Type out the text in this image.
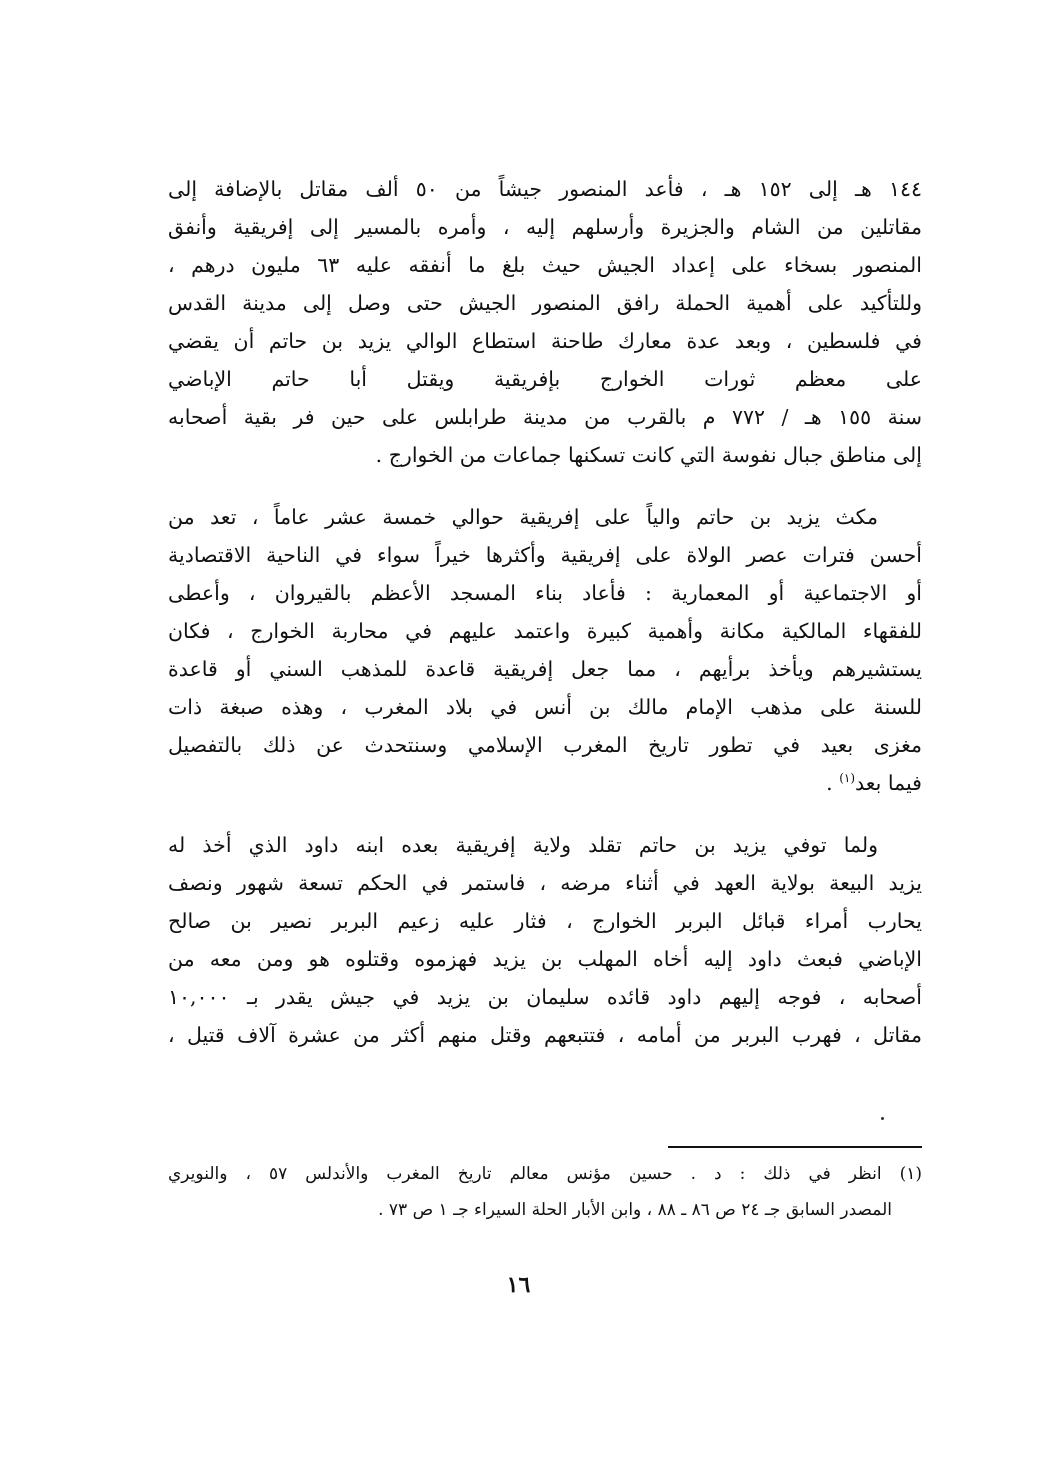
١٤٤ هـ إلى ١٥٢ هـ ، فأعد المنصور جيشاً من ٥٠ ألف مقاتل بالإضافة إلى
مقاتلين من الشام والجزيرة وأرسلهم إليه ، وأمره بالمسير إلى إفريقية وأنفق
المنصور بسخاء على إعداد الجيش حيث بلغ ما أنفقه عليه ٦٣ مليون درهم ،
وللتأكيد على أهمية الحملة رافق المنصور الجيش حتى وصل إلى مدينة القدس
في فلسطين ، وبعد عدة معارك طاحنة استطاع الوالي يزيد بن حاتم أن يقضي
على معظم ثورات الخوارج بإفريقية ويقتل أبا حاتم الإباضي
سنة ١٥٥ هـ / ٧٧٢ م بالقرب من مدينة طرابلس على حين فر بقية أصحابه
إلى مناطق جبال نفوسة التي كانت تسكنها جماعات من الخوارج .
مكث يزيد بن حاتم والياً على إفريقية حوالي خمسة عشر عاماً ، تعد من
أحسن فترات عصر الولاة على إفريقية وأكثرها خيراً سواء في الناحية الاقتصادية
أو الاجتماعية أو المعمارية : فأعاد بناء المسجد الأعظم بالقيروان ، وأعطى
للفقهاء المالكية مكانة وأهمية كبيرة واعتمد عليهم في محاربة الخوارج ، فكان
يستشيرهم ويأخذ برأيهم ، مما جعل إفريقية قاعدة للمذهب السني أو قاعدة
للسنة على مذهب الإمام مالك بن أنس في بلاد المغرب ، وهذه صبغة ذات
مغزى بعيد في تطور تاريخ المغرب الإسلامي وسنتحدث عن ذلك بالتفصيل
فيما بعد$^{(١)}$ .
ولما توفي يزيد بن حاتم تقلد ولاية إفريقية بعده ابنه داود الذي أخذ له
يزيد البيعة بولاية العهد في أثناء مرضه ، فاستمر في الحكم تسعة شهور ونصف
يحارب أمراء قبائل البربر الخوارج ، فثار عليه زعيم البربر نصير بن صالح
الإباضي فبعث داود إليه أخاه المهلب بن يزيد فهزموه وقتلوه هو ومن معه من
أصحابه ، فوجه إليهم داود قائده سليمان بن يزيد في جيش يقدر بـ ١٠,٠٠٠
مقاتل ، فهرب البربر من أمامه ، فتتبعهم وقتل منهم أكثر من عشرة آلاف قتيل ،
(١) انظر في ذلك : د . حسين مؤنس معالم تاريخ المغرب والأندلس ٥٧ ، والنويري
المصدر السابق جـ ٢٤ ص ٨٦ ـ ٨٨ ، وابن الأبار الحلة السيراء جـ ١ ص ٧٣ .
١٦
